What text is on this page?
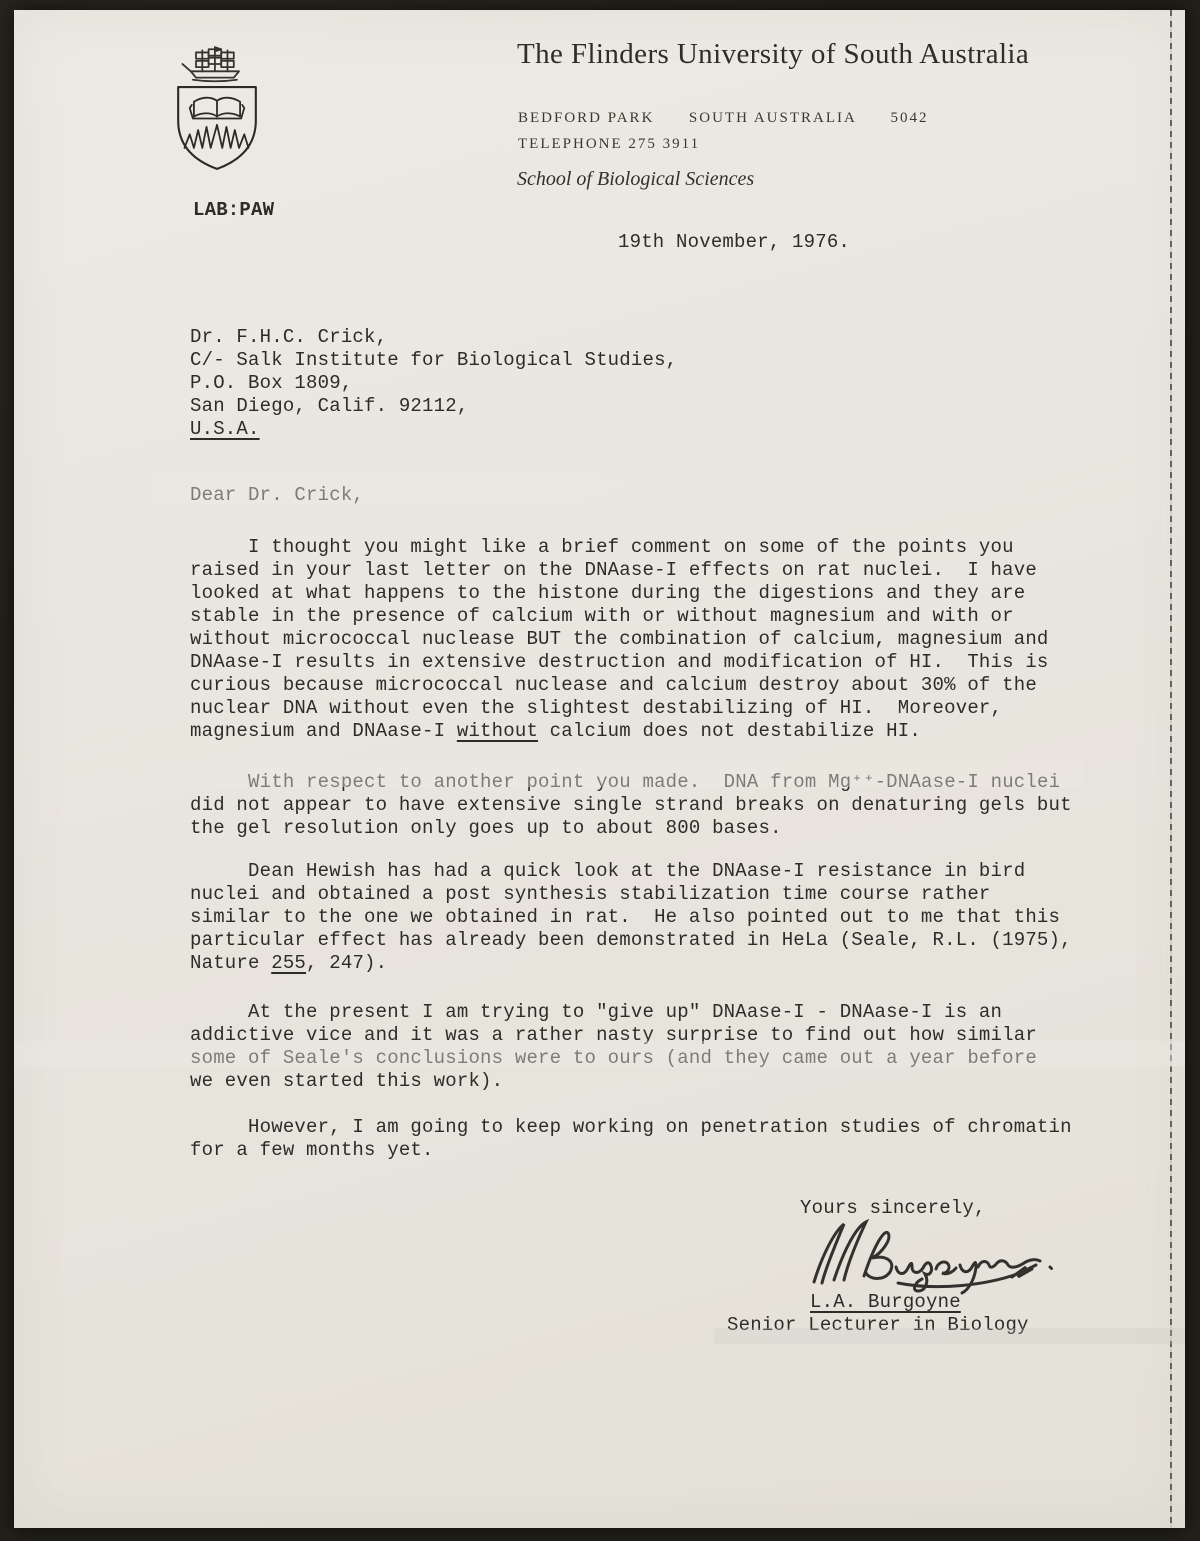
The Flinders University of South Australia
BEDFORD PARK      SOUTH AUSTRALIA      5042
TELEPHONE 275 3911
School of Biological Sciences
LAB:PAW
19th November, 1976.
Dr. F.H.C. Crick,
C/- Salk Institute for Biological Studies,
P.O. Box 1809,
San Diego, Calif. 92112,
U.S.A.
Dear Dr. Crick,
I thought you might like a brief comment on some of the points you
raised in your last letter on the DNAase-I effects on rat nuclei.  I have
looked at what happens to the histone during the digestions and they are
stable in the presence of calcium with or without magnesium and with or
without micrococcal nuclease BUT the combination of calcium, magnesium and
DNAase-I results in extensive destruction and modification of HI.  This is
curious because micrococcal nuclease and calcium destroy about 30% of the
nuclear DNA without even the slightest destabilizing of HI.  Moreover,
magnesium and DNAase-I without calcium does not destabilize HI.
With respect to another point you made.  DNA from Mg⁺⁺-DNAase-I nuclei
did not appear to have extensive single strand breaks on denaturing gels but
the gel resolution only goes up to about 800 bases.
Dean Hewish has had a quick look at the DNAase-I resistance in bird
nuclei and obtained a post synthesis stabilization time course rather
similar to the one we obtained in rat.  He also pointed out to me that this
particular effect has already been demonstrated in HeLa (Seale, R.L. (1975),
Nature 255, 247).
At the present I am trying to "give up" DNAase-I - DNAase-I is an
addictive vice and it was a rather nasty surprise to find out how similar
some of Seale's conclusions were to ours (and they came out a year before
we even started this work).
However, I am going to keep working on penetration studies of chromatin
for a few months yet.
Yours sincerely,
L.A. Burgoyne
Senior Lecturer in Biology
